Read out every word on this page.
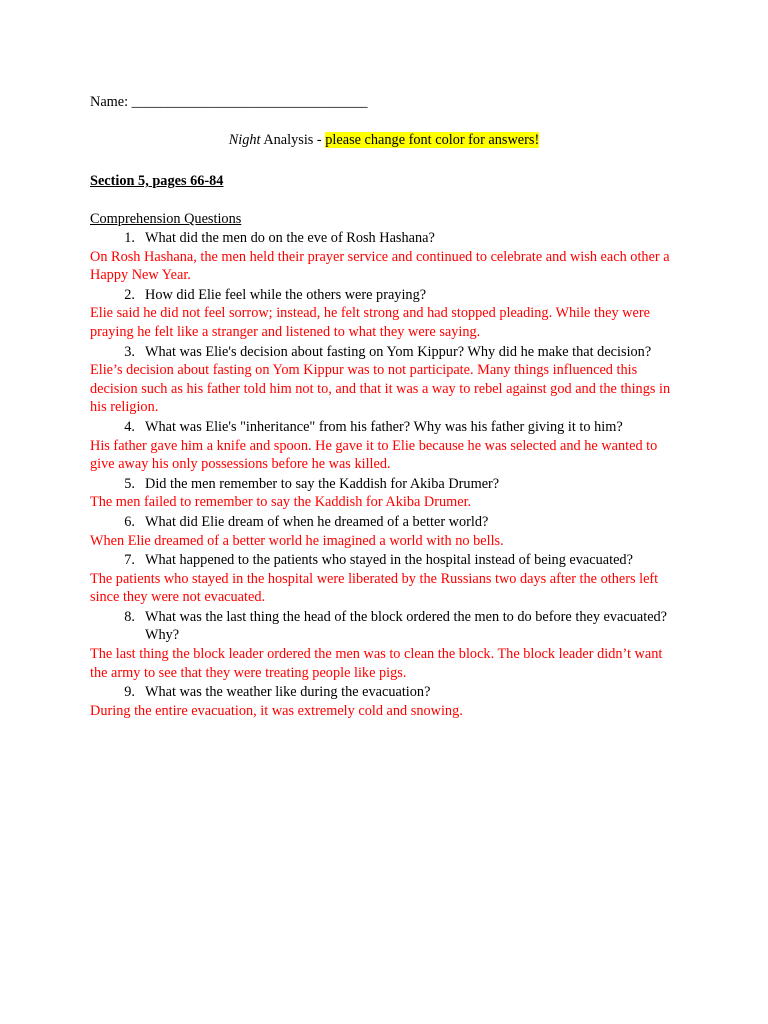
Name: _________________________________

Night Analysis - please change font color for answers!

Section 5, pages 66-84

Comprehension Questions

1. What did the men do on the eve of Rosh Hashana?

On Rosh Hashana, the men held their prayer service and continued to celebrate and wish each other a Happy New Year.

2. How did Elie feel while the others were praying?

Elie said he did not feel sorrow; instead, he felt strong and had stopped pleading. While they were praying he felt like a stranger and listened to what they were saying.

3. What was Elie's decision about fasting on Yom Kippur? Why did he make that decision?

Elie’s decision about fasting on Yom Kippur was to not participate. Many things influenced this decision such as his father told him not to, and that it was a way to rebel against god and the things in his religion.

4. What was Elie's "inheritance" from his father? Why was his father giving it to him?

His father gave him a knife and spoon. He gave it to Elie because he was selected and he wanted to give away his only possessions before he was killed.

5. Did the men remember to say the Kaddish for Akiba Drumer?

The men failed to remember to say the Kaddish for Akiba Drumer.

6. What did Elie dream of when he dreamed of a better world?

When Elie dreamed of a better world he imagined a world with no bells.

7. What happened to the patients who stayed in the hospital instead of being evacuated?

The patients who stayed in the hospital were liberated by the Russians two days after the others left since they were not evacuated.

8. What was the last thing the head of the block ordered the men to do before they evacuated? Why?

The last thing the block leader ordered the men was to clean the block. The block leader didn’t want the army to see that they were treating people like pigs.

9. What was the weather like during the evacuation?

During the entire evacuation, it was extremely cold and snowing.
